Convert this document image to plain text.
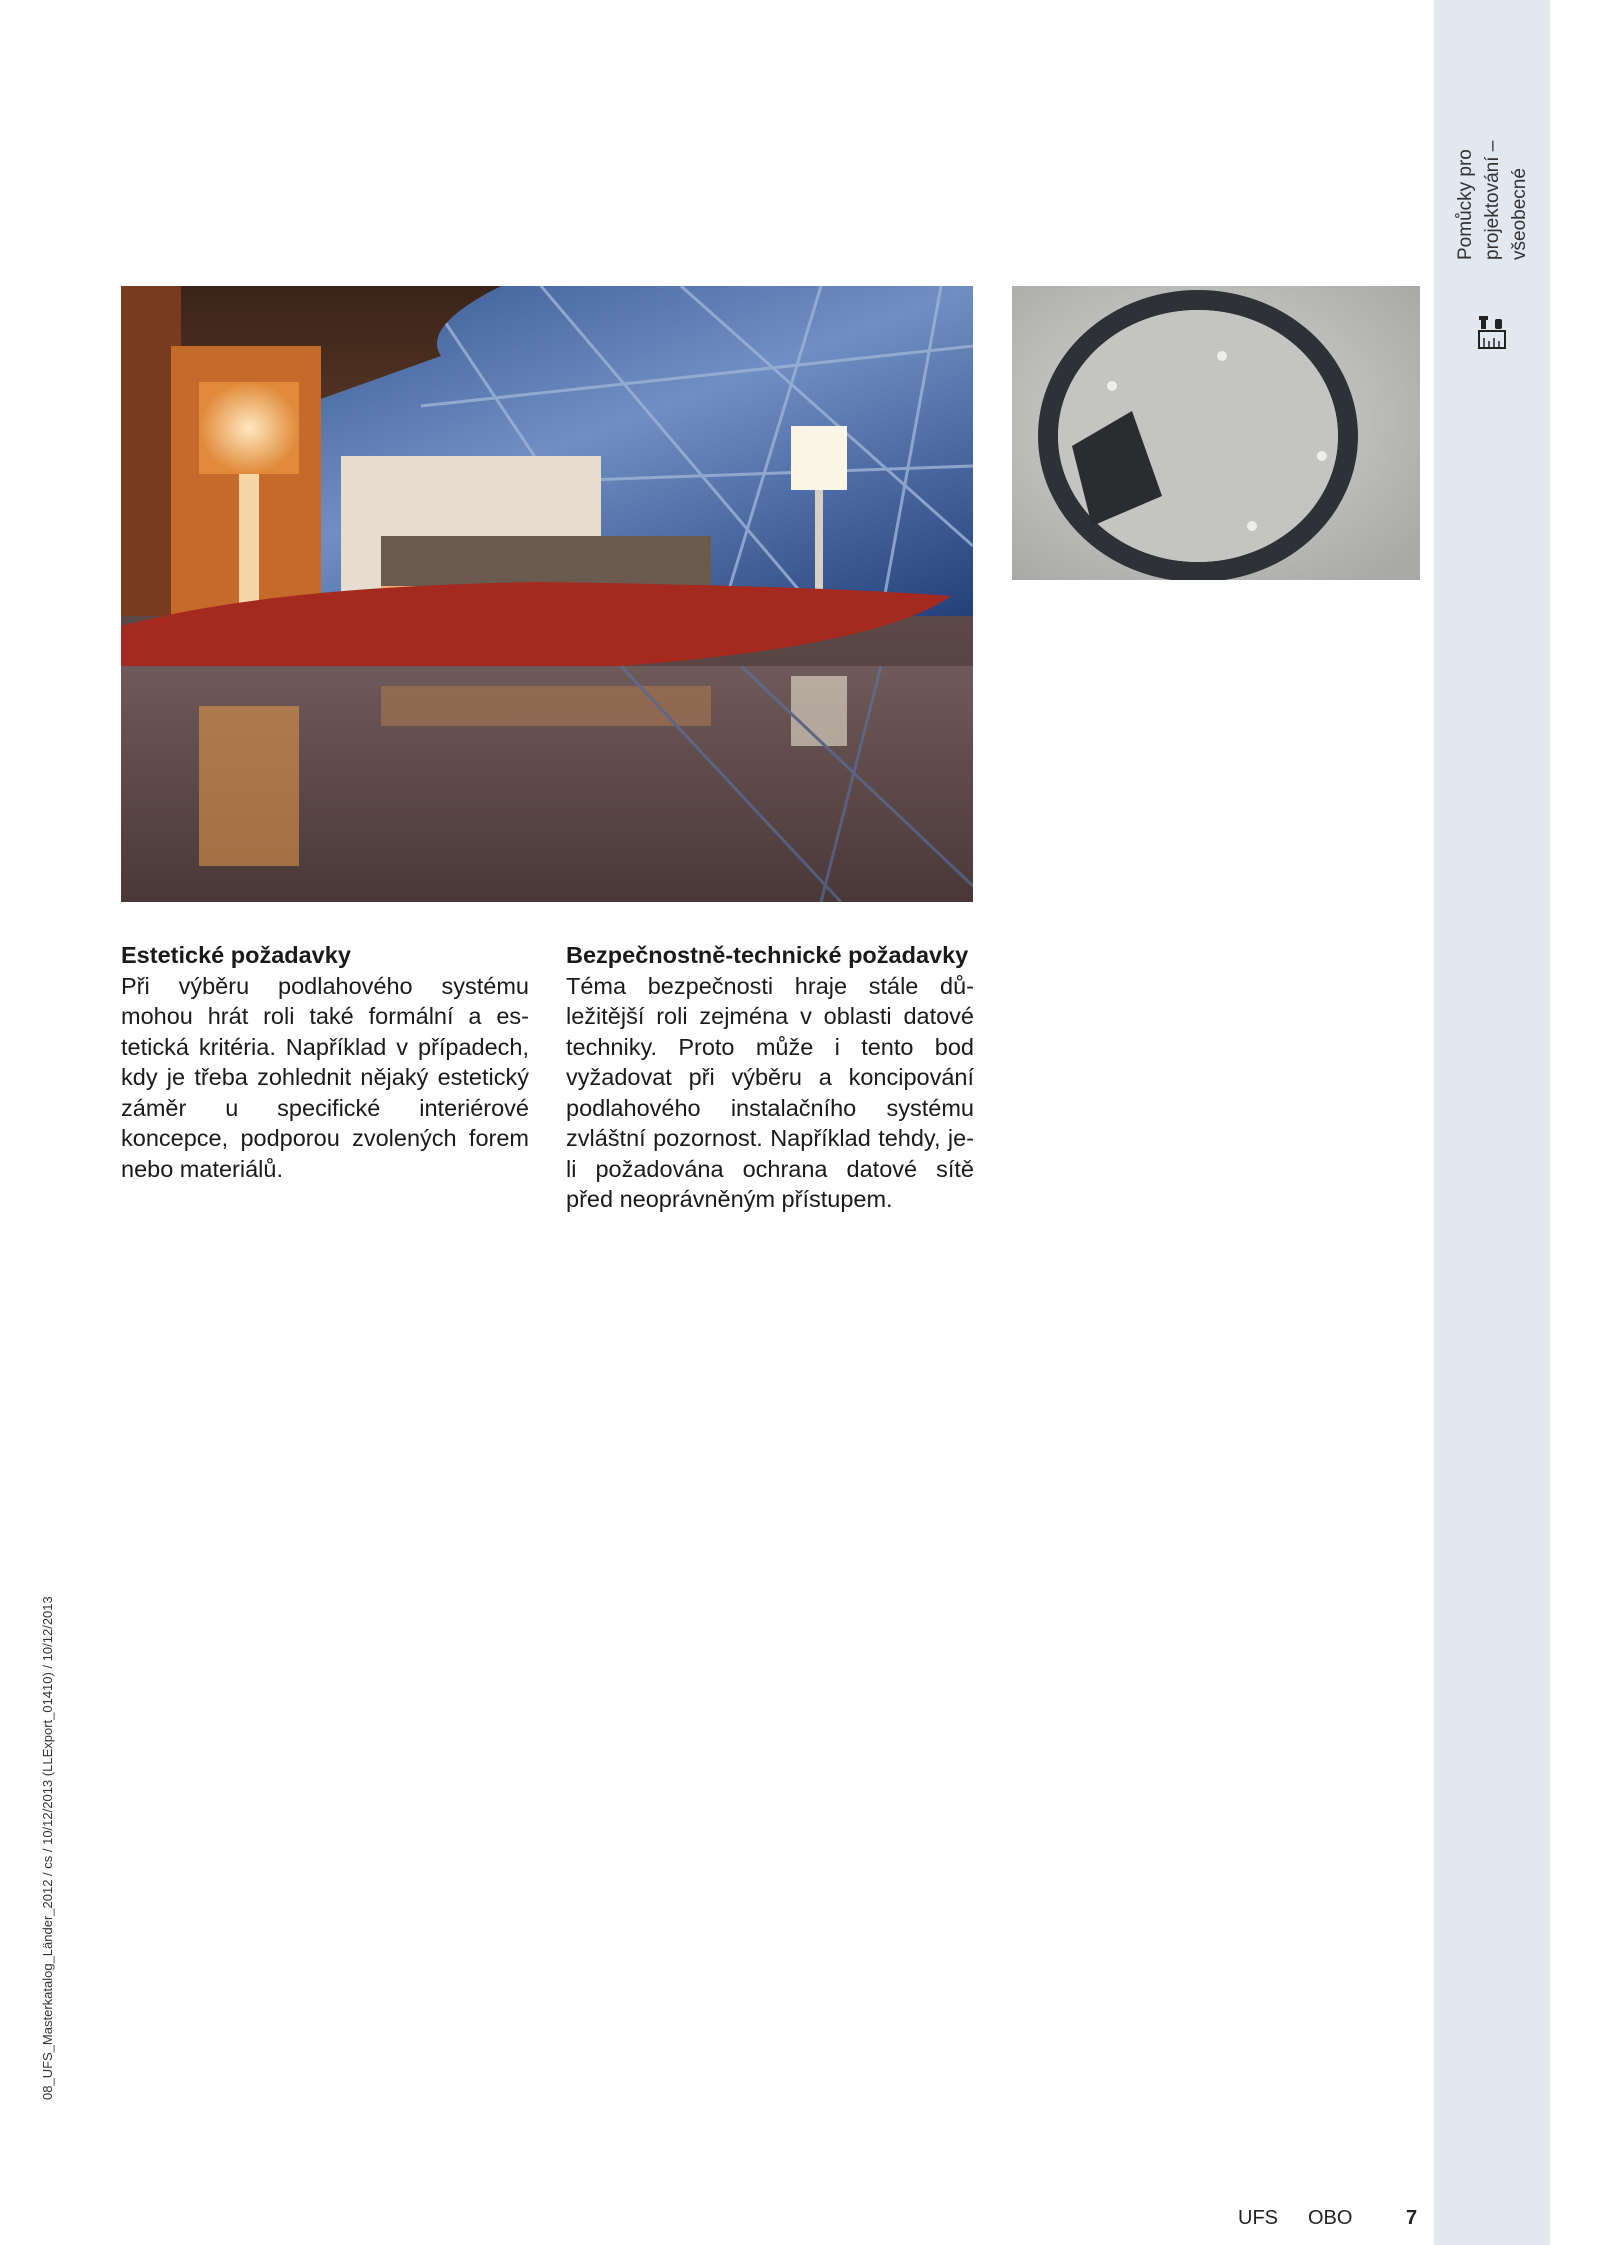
Pomůcky pro projektování – všeobecné
Estetické požadavky

Při výběru podlahového systému mohou hrát roli také formální a estetická kritéria. Například v případech, kdy je třeba zohlednit nějaký estetický záměr u specifické interiérové koncepce, podporou zvolených forem nebo materiálů.

Bezpečnostně-technické požadavky

Téma bezpečnosti hraje stále důležitější roli zejména v oblasti datové techniky. Proto může i tento bod vyžadovat při výběru a koncipování podlahového instalačního systému zvláštní pozornost. Například tehdy, je-li požadována ochrana datové sítě před neoprávněným přístupem.

08_UFS_Masterkatalog_Länder_2012 / cs / 10/12/2013 (LLExport_01410) / 10/12/2013
UFS OBO	7
